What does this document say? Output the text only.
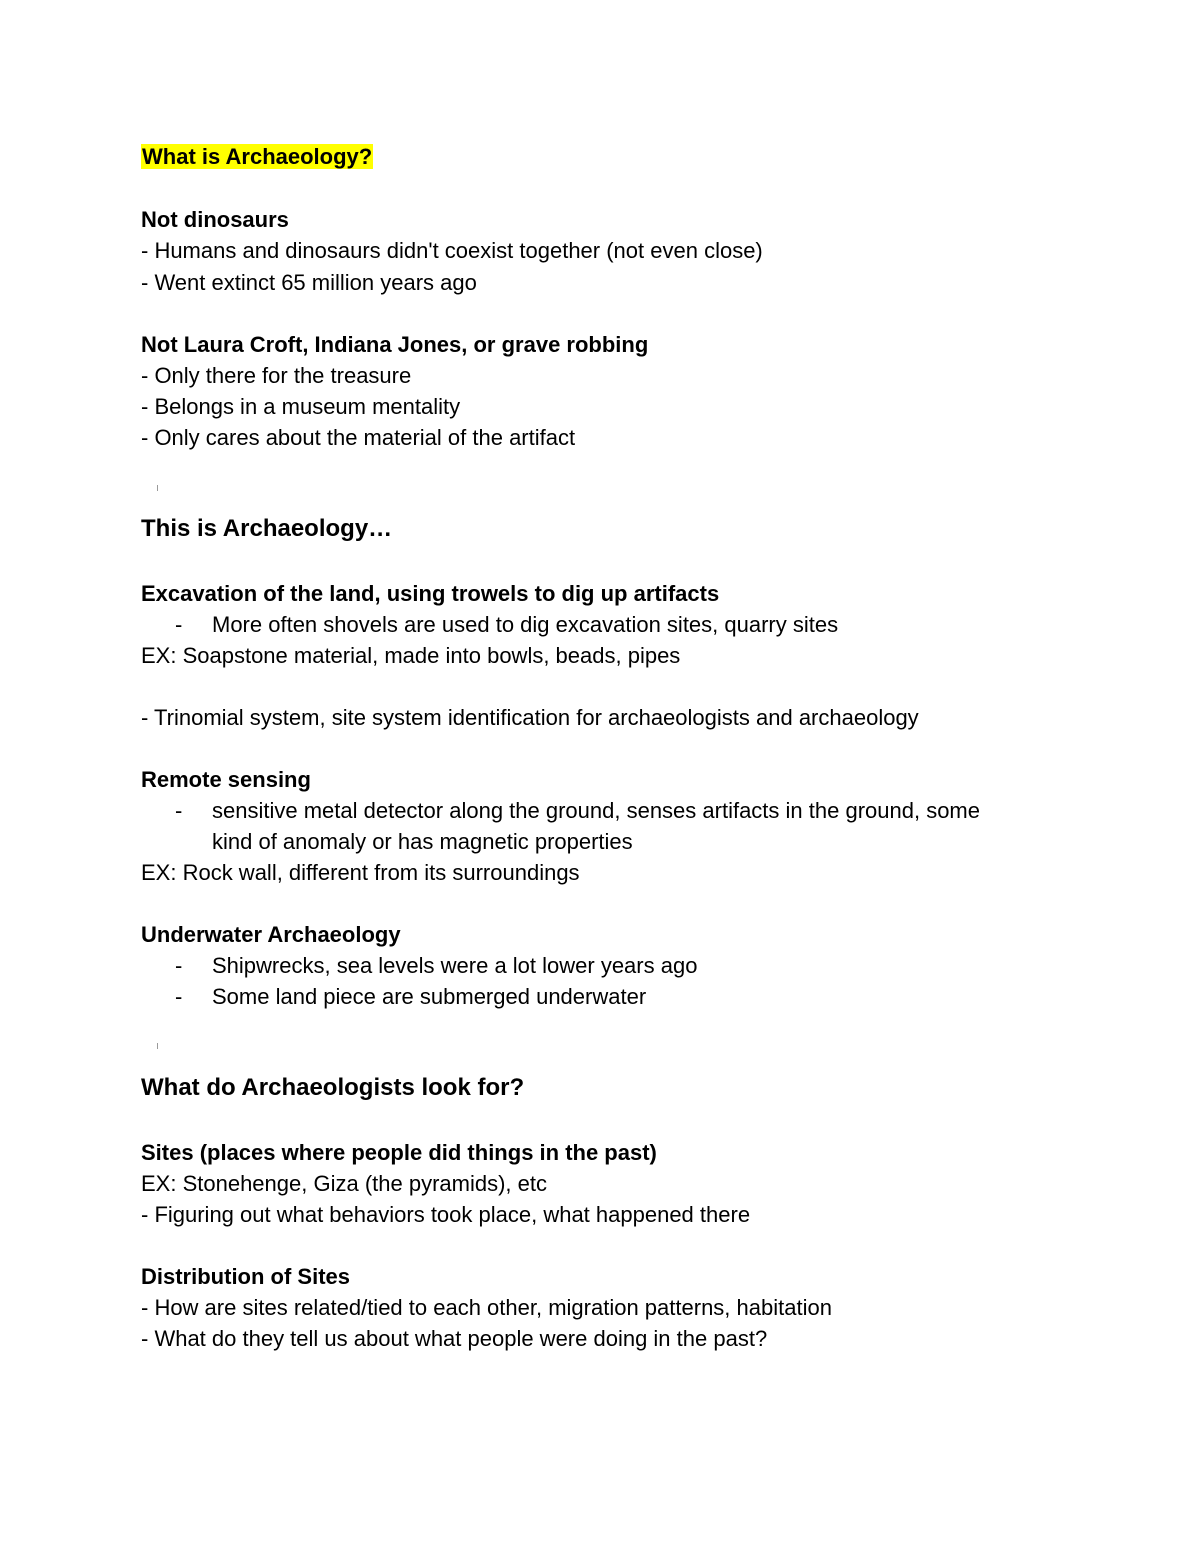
What is Archaeology?
Not dinosaurs
- Humans and dinosaurs didn't coexist together (not even close)
- Went extinct 65 million years ago
Not Laura Croft, Indiana Jones, or grave robbing
- Only there for the treasure
- Belongs in a museum mentality
- Only cares about the material of the artifact
This is Archaeology…
Excavation of the land, using trowels to dig up artifacts
- More often shovels are used to dig excavation sites, quarry sites
EX: Soapstone material, made into bowls, beads, pipes
- Trinomial system, site system identification for archaeologists and archaeology
Remote sensing
- sensitive metal detector along the ground, senses artifacts in the ground, some
kind of anomaly or has magnetic properties
EX: Rock wall, different from its surroundings
Underwater Archaeology
- Shipwrecks, sea levels were a lot lower years ago
- Some land piece are submerged underwater
What do Archaeologists look for?
Sites (places where people did things in the past)
EX: Stonehenge, Giza (the pyramids), etc
- Figuring out what behaviors took place, what happened there
Distribution of Sites
- How are sites related/tied to each other, migration patterns, habitation
- What do they tell us about what people were doing in the past?
